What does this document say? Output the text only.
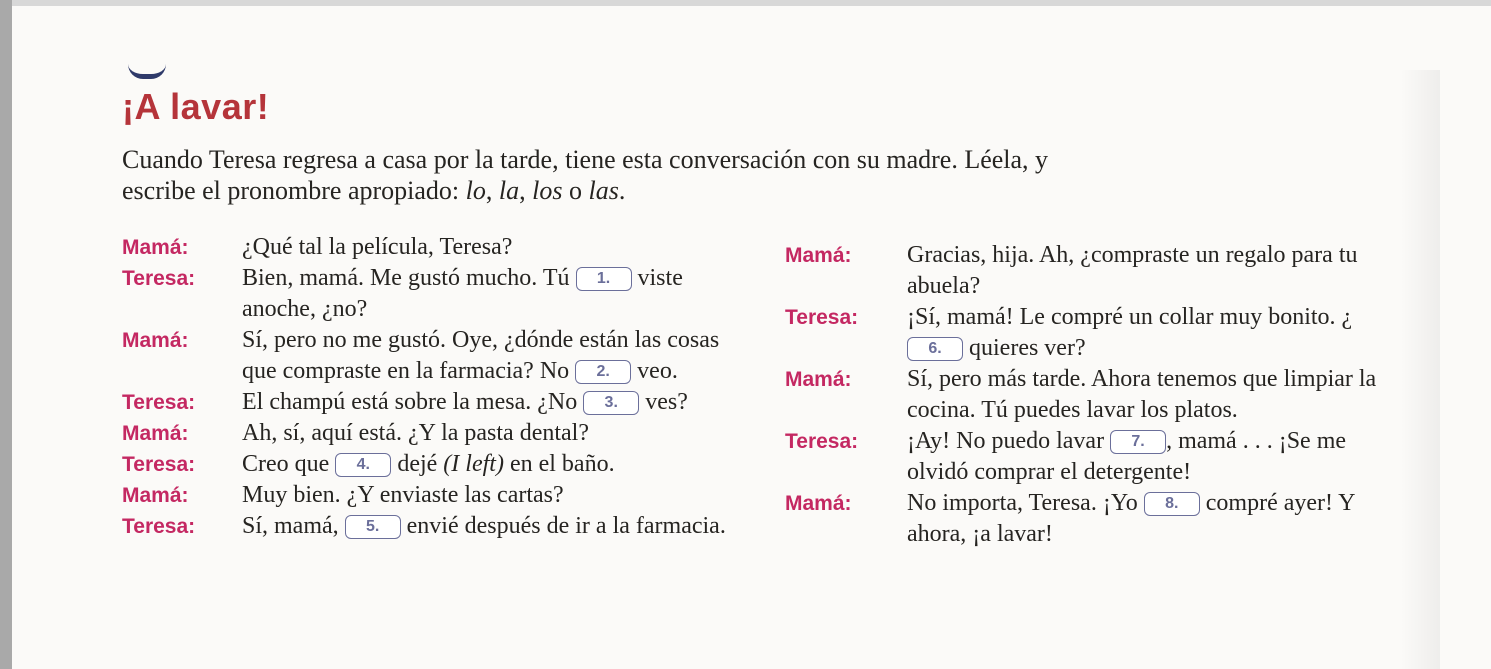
¡A lavar!
Cuando Teresa regresa a casa por la tarde, tiene esta conversación con su madre. Léela, y escribe el pronombre apropiado: lo, la, los o las.
Mamá:	¿Qué tal la película, Teresa?
Teresa:	Bien, mamá. Me gustó mucho. Tú 1. viste anoche, ¿no?
Mamá:	Sí, pero no me gustó. Oye, ¿dónde están las cosas que compraste en la farmacia? No 2. veo.
Teresa:	El champú está sobre la mesa. ¿No 3. ves?
Mamá:	Ah, sí, aquí está. ¿Y la pasta dental?
Teresa:	Creo que 4. dejé (I left) en el baño.
Mamá:	Muy bien. ¿Y enviaste las cartas?
Teresa:	Sí, mamá, 5. envié después de ir a la farmacia.
Mamá:	Gracias, hija. Ah, ¿compraste un regalo para tu abuela?
Teresa:	¡Sí, mamá! Le compré un collar muy bonito. ¿6. quieres ver?
Mamá:	Sí, pero más tarde. Ahora tenemos que limpiar la cocina. Tú puedes lavar los platos.
Teresa:	¡Ay! No puedo lavar 7. , mamá . . . ¡Se me olvidó comprar el detergente!
Mamá:	No importa, Teresa. ¡Yo 8. compré ayer! Y ahora, ¡a lavar!
